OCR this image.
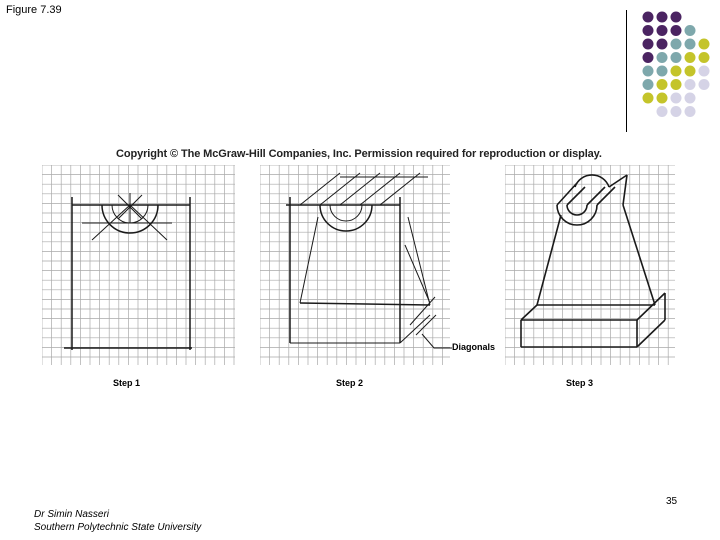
Figure 7.39
Copyright © The McGraw-Hill Companies, Inc. Permission required for reproduction or display.
Step 1	Step 2	Step 3
Diagonals
35
Dr Simin Nasseri
Southern Polytechnic State University
